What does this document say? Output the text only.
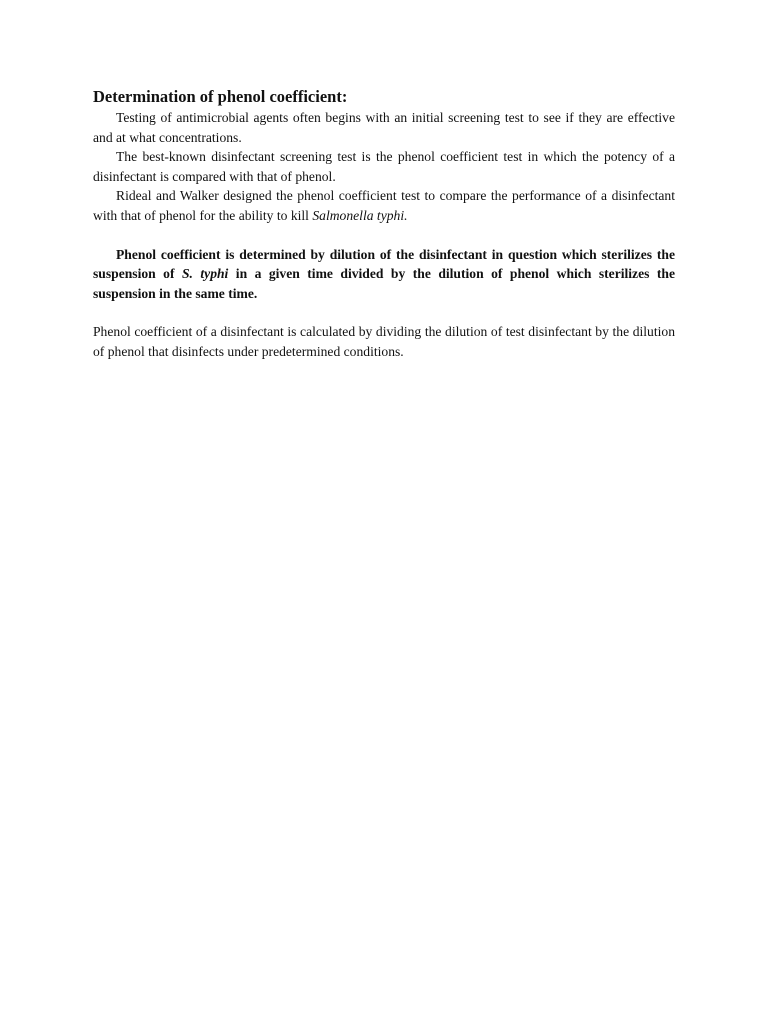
Determination of phenol coefficient:

Testing of antimicrobial agents often begins with an initial screening test to see if they are effective and at what concentrations.

The best-known disinfectant screening test is the phenol coefficient test in which the potency of a disinfectant is compared with that of phenol.

Rideal and Walker designed the phenol coefficient test to compare the performance of a disinfectant with that of phenol for the ability to kill Salmonella typhi.

Phenol coefficient is determined by dilution of the disinfectant in question which sterilizes the suspension of S. typhi in a given time divided by the dilution of phenol which sterilizes the suspension in the same time.

Phenol coefficient of a disinfectant is calculated by dividing the dilution of test disinfectant by the dilution of phenol that disinfects under predetermined conditions.
